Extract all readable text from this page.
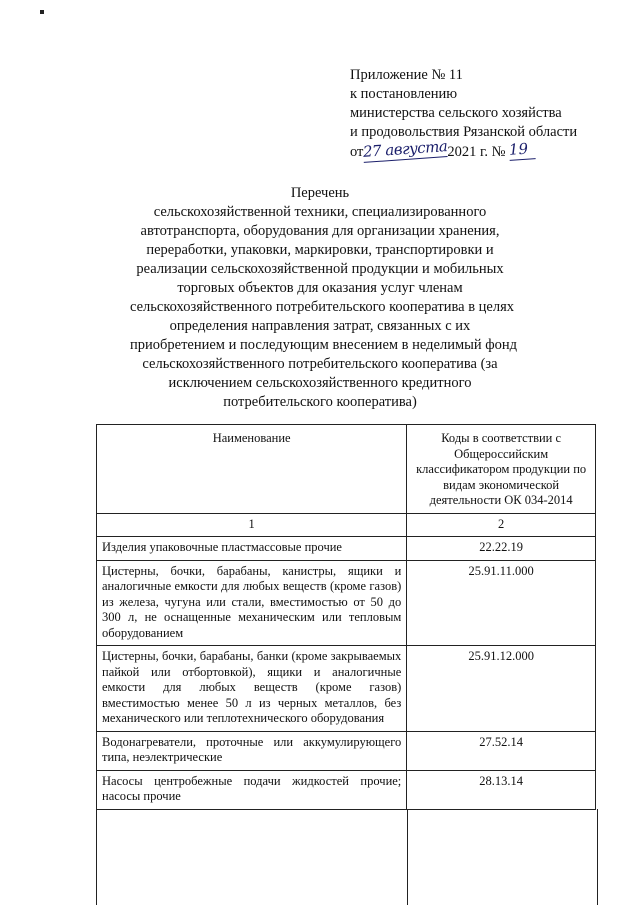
Приложение № 11
к постановлению
министерства сельского хозяйства
и продовольствия Рязанской области
от27 августа2021 г. № 19
Перечень
сельскохозяйственной техники, специализированного
автотранспорта, оборудования для организации хранения,
переработки, упаковки, маркировки, транспортировки и
реализации сельскохозяйственной продукции и мобильных
торговых объектов для оказания услуг членам
сельскохозяйственного потребительского кооператива в целях
определения направления затрат, связанных с их
приобретением и последующим внесением в неделимый фонд
сельскохозяйственного потребительского кооператива (за
исключением сельскохозяйственного кредитного
потребительского кооператива)
Наименование	Коды в соответствии с Общероссийским классификатором продукции по видам экономической деятельности ОК 034-2014
1	2
Изделия упаковочные пластмассовые прочие	22.22.19
Цистерны, бочки, барабаны, канистры, ящики и аналогичные емкости для любых веществ (кроме газов) из железа, чугуна или стали, вместимостью от 50 до 300 л, не оснащенные механическим или тепловым оборудованием	25.91.11.000
Цистерны, бочки, барабаны, банки (кроме закрываемых пайкой или отбортовкой), ящики и аналогичные емкости для любых веществ (кроме газов) вместимостью менее 50 л из черных металлов, без механического или теплотехнического оборудования	25.91.12.000
Водонагреватели, проточные или аккумулирующего типа, неэлектрические	27.52.14
Насосы центробежные подачи жидкостей прочие; насосы прочие	28.13.14
